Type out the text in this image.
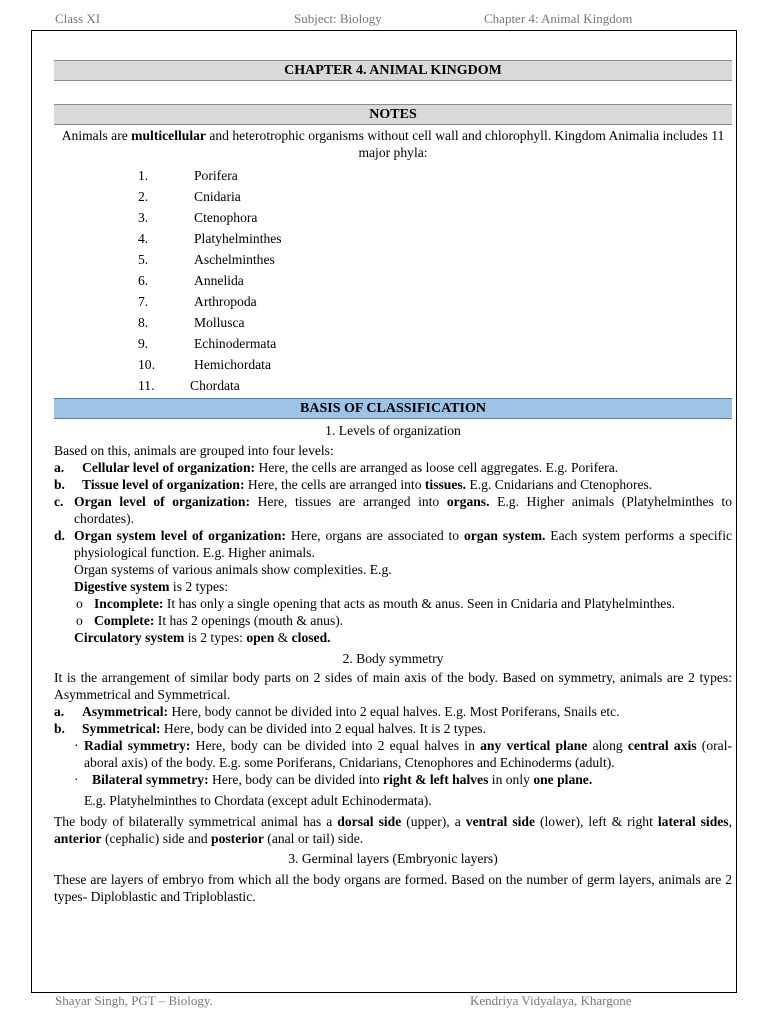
Class XI	Subject: Biology	Chapter 4: Animal Kingdom
CHAPTER 4. ANIMAL KINGDOM
NOTES

Animals are multicellular and heterotrophic organisms without cell wall and chlorophyll. Kingdom Animalia includes 11 major phyla:

1.	Porifera
2.	Cnidaria
3.	Ctenophora
4.	Platyhelminthes
5.	Aschelminthes
6.	Annelida
7.	Arthropoda
8.	Mollusca
9.	Echinodermata
10.	Hemichordata
11.	Chordata
BASIS OF CLASSIFICATION

1. Levels of organization

Based on this, animals are grouped into four levels:

a. Cellular level of organization: Here, the cells are arranged as loose cell aggregates. E.g. Porifera.
b. Tissue level of organization: Here, the cells are arranged into tissues. E.g. Cnidarians and Ctenophores.
c. Organ level of organization: Here, tissues are arranged into organs. E.g. Higher animals (Platyhelminthes to chordates).
d. Organ system level of organization: Here, organs are associated to organ system. Each system performs a specific physiological function. E.g. Higher animals.

Organ systems of various animals show complexities. E.g.

Digestive system is 2 types:

o Incomplete: It has only a single opening that acts as mouth & anus. Seen in Cnidaria and Platyhelminthes.
o Complete: It has 2 openings (mouth & anus).

Circulatory system is 2 types: open & closed.

2. Body symmetry

It is the arrangement of similar body parts on 2 sides of main axis of the body. Based on symmetry, animals are 2 types: Asymmetrical and Symmetrical.

a. Asymmetrical: Here, body cannot be divided into 2 equal halves. E.g. Most Poriferans, Snails etc.
b. Symmetrical: Here, body can be divided into 2 equal halves. It is 2 types.
· Radial symmetry: Here, body can be divided into 2 equal halves in any vertical plane along central axis (oral-aboral axis) of the body. E.g. some Poriferans, Cnidarians, Ctenophores and Echinoderms (adult).
· Bilateral symmetry: Here, body can be divided into right & left halves in only one plane.

E.g. Platyhelminthes to Chordata (except adult Echinodermata).

The body of bilaterally symmetrical animal has a dorsal side (upper), a ventral side (lower), left & right lateral sides, anterior (cephalic) side and posterior (anal or tail) side.

3. Germinal layers (Embryonic layers)

These are layers of embryo from which all the body organs are formed. Based on the number of germ layers, animals are 2 types- Diploblastic and Triploblastic.

Shayar Singh, PGT – Biology.	Kendriya Vidyalaya, Khargone
